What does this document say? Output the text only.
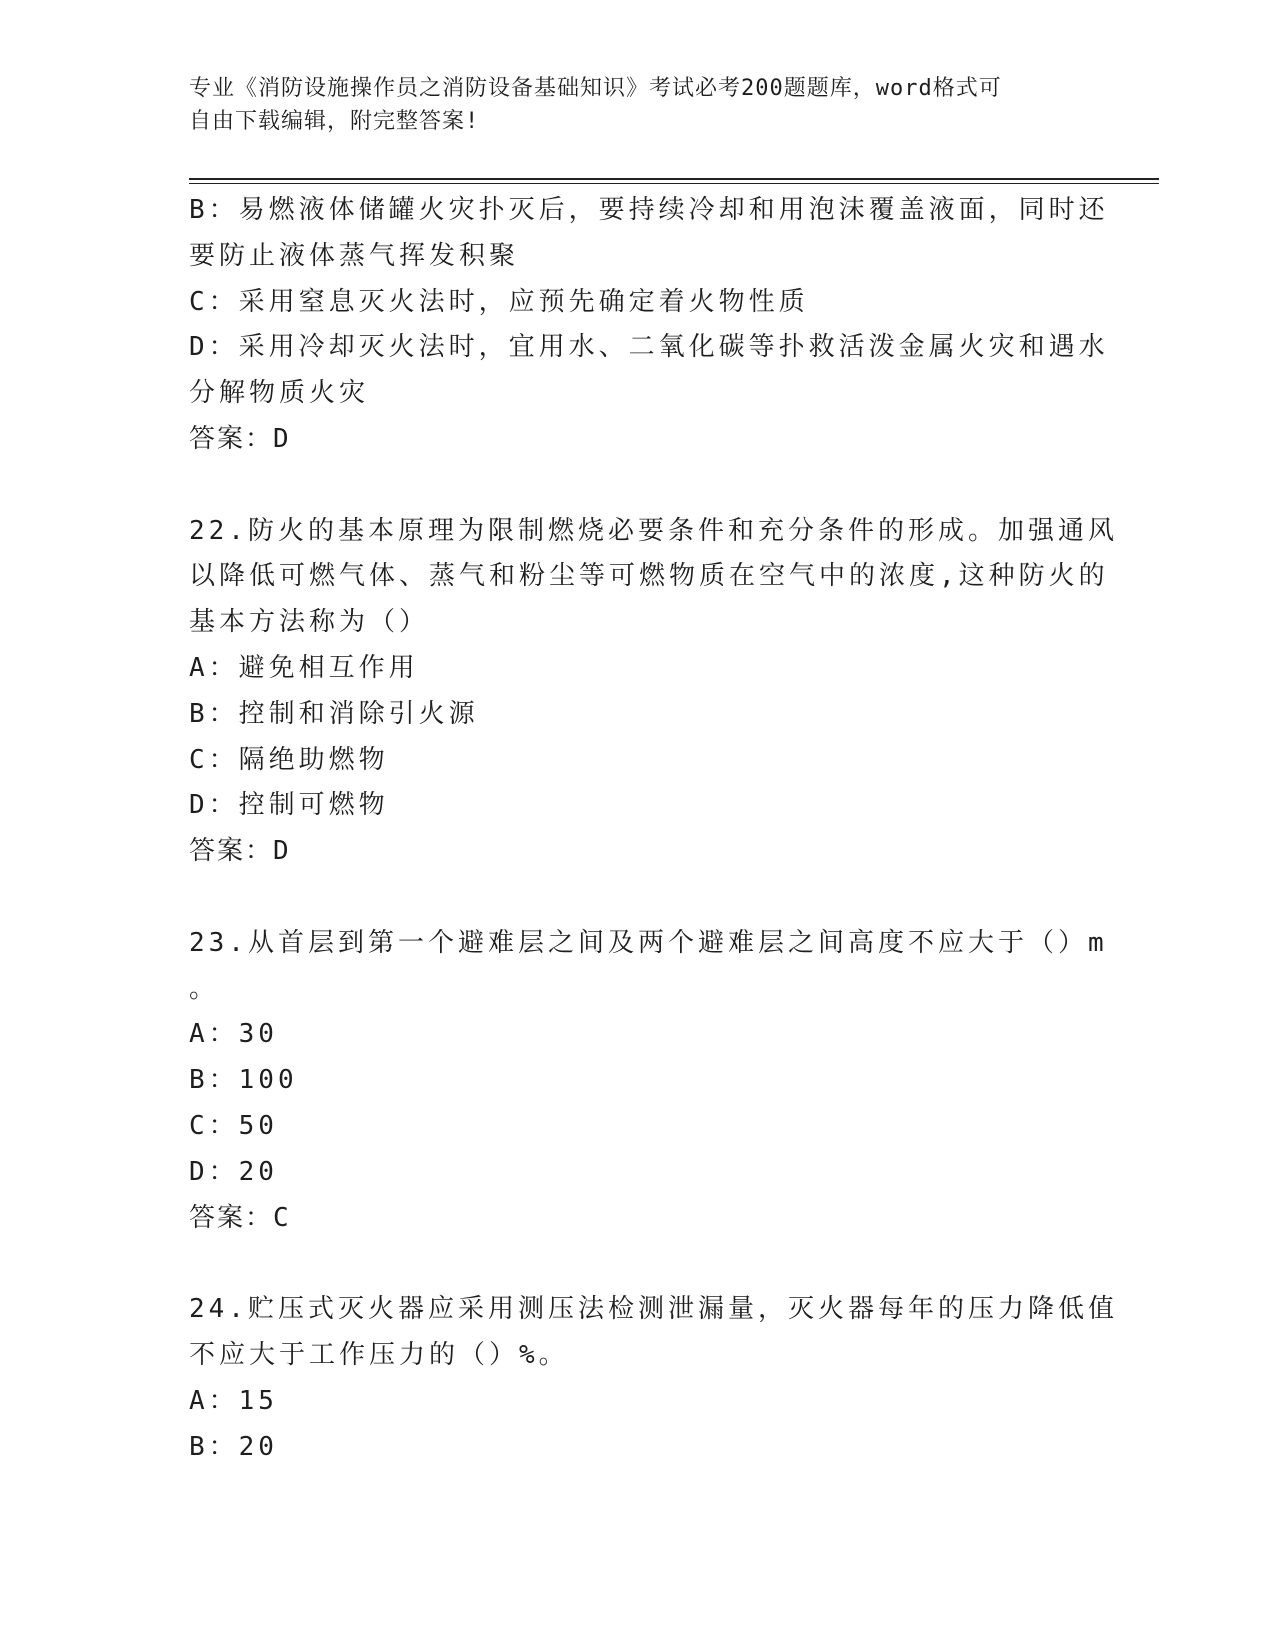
专业《消防设施操作员之消防设备基础知识》考试必考200题题库，word格式可
自由下载编辑，附完整答案!
B：易燃液体储罐火灾扑灭后，要持续冷却和用泡沫覆盖液面，同时还
要防止液体蒸气挥发积聚
C：采用窒息灭火法时，应预先确定着火物性质
D：采用冷却灭火法时，宜用水、二氧化碳等扑救活泼金属火灾和遇水
分解物质火灾
答案：D
22.防火的基本原理为限制燃烧必要条件和充分条件的形成。加强通风
以降低可燃气体、蒸气和粉尘等可燃物质在空气中的浓度,这种防火的
基本方法称为（）
A：避免相互作用
B：控制和消除引火源
C：隔绝助燃物
D：控制可燃物
答案：D
23.从首层到第一个避难层之间及两个避难层之间高度不应大于（）m
。
A：30
B：100
C：50
D：20
答案：C
24.贮压式灭火器应采用测压法检测泄漏量，灭火器每年的压力降低值
不应大于工作压力的（）%。
A：15
B：20
